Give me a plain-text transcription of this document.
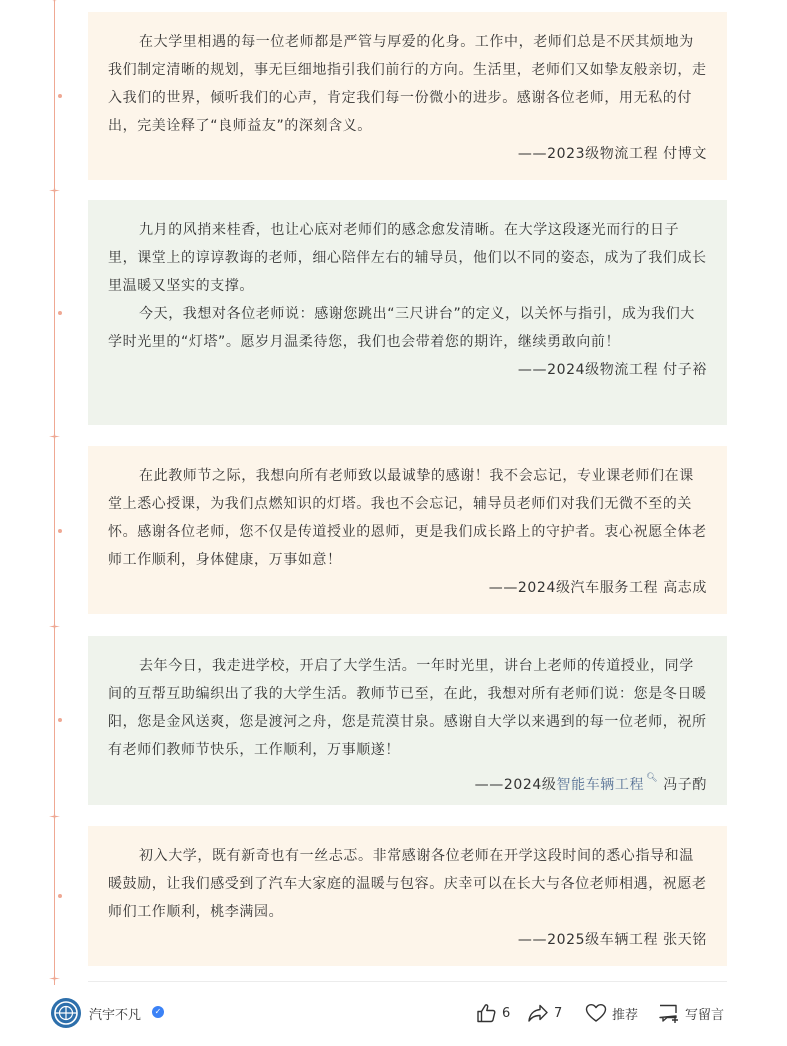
在大学里相遇的每一位老师都是严管与厚爱的化身。工作中，老师们总是不厌其烦地为我们制定清晰的规划，事无巨细地指引我们前行的方向。生活里，老师们又如挚友般亲切，走入我们的世界，倾听我们的心声，肯定我们每一份微小的进步。感谢各位老师，用无私的付出，完美诠释了“良师益友”的深刻含义。

——2023级物流工程 付博文

九月的风捎来桂香，也让心底对老师们的感念愈发清晰。在大学这段逐光而行的日子里，课堂上的谆谆教诲的老师，细心陪伴左右的辅导员，他们以不同的姿态，成为了我们成长里温暖又坚实的支撑。

今天，我想对各位老师说：感谢您跳出“三尺讲台”的定义，以关怀与指引，成为我们大学时光里的“灯塔”。愿岁月温柔待您，我们也会带着您的期许，继续勇敢向前！

——2024级物流工程 付子裕

在此教师节之际，我想向所有老师致以最诚挚的感谢！我不会忘记，专业课老师们在课堂上悉心授课，为我们点燃知识的灯塔。我也不会忘记，辅导员老师们对我们无微不至的关怀。感谢各位老师，您不仅是传道授业的恩师，更是我们成长路上的守护者。衷心祝愿全体老师工作顺利，身体健康，万事如意！

——2024级汽车服务工程 高志成

去年今日，我走进学校，开启了大学生活。一年时光里，讲台上老师的传道授业，同学间的互帮互助编织出了我的大学生活。教师节已至，在此，我想对所有老师们说：您是冬日暖阳，您是金风送爽，您是渡河之舟，您是荒漠甘泉。感谢自大学以来遇到的每一位老师，祝所有老师们教师节快乐，工作顺利，万事顺遂！

——2024级智能车辆工程 🔍︎ 冯子酌

初入大学，既有新奇也有一丝忐忑。非常感谢各位老师在开学这段时间的悉心指导和温暖鼓励，让我们感受到了汽车大家庭的温暖与包容。庆幸可以在长大与各位老师相遇，祝愿老师们工作顺利，桃李满园。

——2025级车辆工程 张天铭

汽宇不凡	✓	6	7	推荐	写留言
